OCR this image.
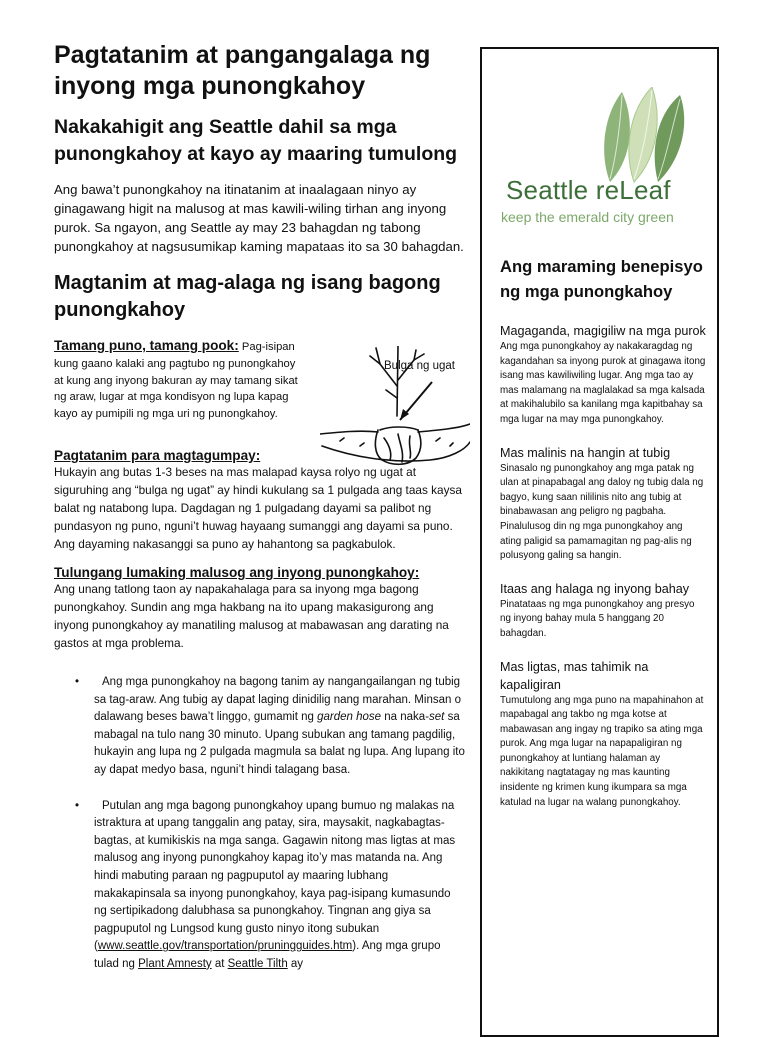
Pagtatanim at pangangalaga ng inyong mga punongkahoy
Nakakahigit ang Seattle dahil sa mga punongkahoy at kayo ay maaring tumulong

Ang bawa’t punongkahoy na itinatanim at inaalagaan ninyo ay ginagawang higit na malusog at mas kawili-wiling tirhan ang inyong purok. Sa ngayon, ang Seattle ay may 23 bahagdan ng tabong punongkahoy at nagsusumikap kaming mapataas ito sa 30 bahagdan.

Magtanim at mag-alaga ng isang bagong punongkahoy
Tamang puno, tamang pook: Pag-isipan kung gaano kalaki ang pagtubo ng punongkahoy at kung ang inyong bakuran ay may tamang sikat ng araw, lugar at mga kondisyon ng lupa kapag kayo ay pumipili ng mga uri ng punongkahoy.
Bulga ng ugat
Pagtatanim para magtagumpay:

Hukayin ang butas 1-3 beses na mas malapad kaysa rolyo ng ugat at siguruhing ang “bulga ng ugat” ay hindi kukulang sa 1 pulgada ang taas kaysa balat ng natabong lupa. Dagdagan ng 1 pulgadang dayami sa palibot ng pundasyon ng puno, nguni’t huwag hayaang sumanggi ang dayami sa puno. Ang dayaming nakasanggi sa puno ay hahantong sa pagkabulok.

Tulungang lumaking malusog ang inyong punongkahoy:

Ang unang tatlong taon ay napakahalaga para sa inyong mga bagong punongkahoy. Sundin ang mga hakbang na ito upang makasigurong ang inyong punongkahoy ay manatiling malusog at mabawasan ang darating na gastos at mga problema.

• Ang mga punongkahoy na bagong tanim ay nangangailangan ng tubig sa tag-araw. Ang tubig ay dapat laging dinidilig nang marahan. Minsan o dalawang beses bawa’t linggo, gumamit ng garden hose na naka-set sa mabagal na tulo nang 30 minuto. Upang subukan ang tamang pagdilig, hukayin ang lupa ng 2 pulgada magmula sa balat ng lupa. Ang lupang ito ay dapat medyo basa, nguni’t hindi talagang basa.
• Putulan ang mga bagong punongkahoy upang bumuo ng malakas na istraktura at upang tanggalin ang patay, sira, maysakit, nagkabagtas-bagtas, at kumikiskis na mga sanga. Gagawin nitong mas ligtas at mas malusog ang inyong punongkahoy kapag ito’y mas matanda na. Ang hindi mabuting paraan ng pagpuputol ay maaring lubhang makakapinsala sa inyong punongkahoy, kaya pag-isipang kumasundo ng sertipikadong dalubhasa sa punongkahoy. Tingnan ang giya sa pagpuputol ng Lungsod kung gusto ninyo itong subukan (www.seattle.gov/transportation/pruningguides.htm). Ang mga grupo tulad ng Plant Amnesty at Seattle Tilth ay
Seattle reLeaf
keep the emerald city green
Ang maraming benepisyo ng mga punongkahoy

Magaganda, magigiliw na mga purok

Ang mga punongkahoy ay nakakaragdag ng kagandahan sa inyong purok at ginagawa itong isang mas kawiliwiling lugar. Ang mga tao ay mas malamang na maglalakad sa mga kalsada at makihalubilo sa kanilang mga kapitbahay sa mga lugar na may mga punongkahoy.

Mas malinis na hangin at tubig

Sinasalo ng punongkahoy ang mga patak ng ulan at pinapabagal ang daloy ng tubig dala ng bagyo, kung saan nililinis nito ang tubig at binabawasan ang peligro ng pagbaha. Pinalulusog din ng mga punongkahoy ang ating paligid sa pamamagitan ng pag-alis ng polusyong galing sa hangin.

Itaas ang halaga ng inyong bahay

Pinatataas ng mga punongkahoy ang presyo ng inyong bahay mula 5 hanggang 20 bahagdan.

Mas ligtas, mas tahimik na kapaligiran

Tumutulong ang mga puno na mapahinahon at mapabagal ang takbo ng mga kotse at mabawasan ang ingay ng trapiko sa ating mga purok. Ang mga lugar na napapaligiran ng punongkahoy at luntiang halaman ay nakikitang nagtatagay ng mas kaunting insidente ng krimen kung ikumpara sa mga katulad na lugar na walang punongkahoy.
